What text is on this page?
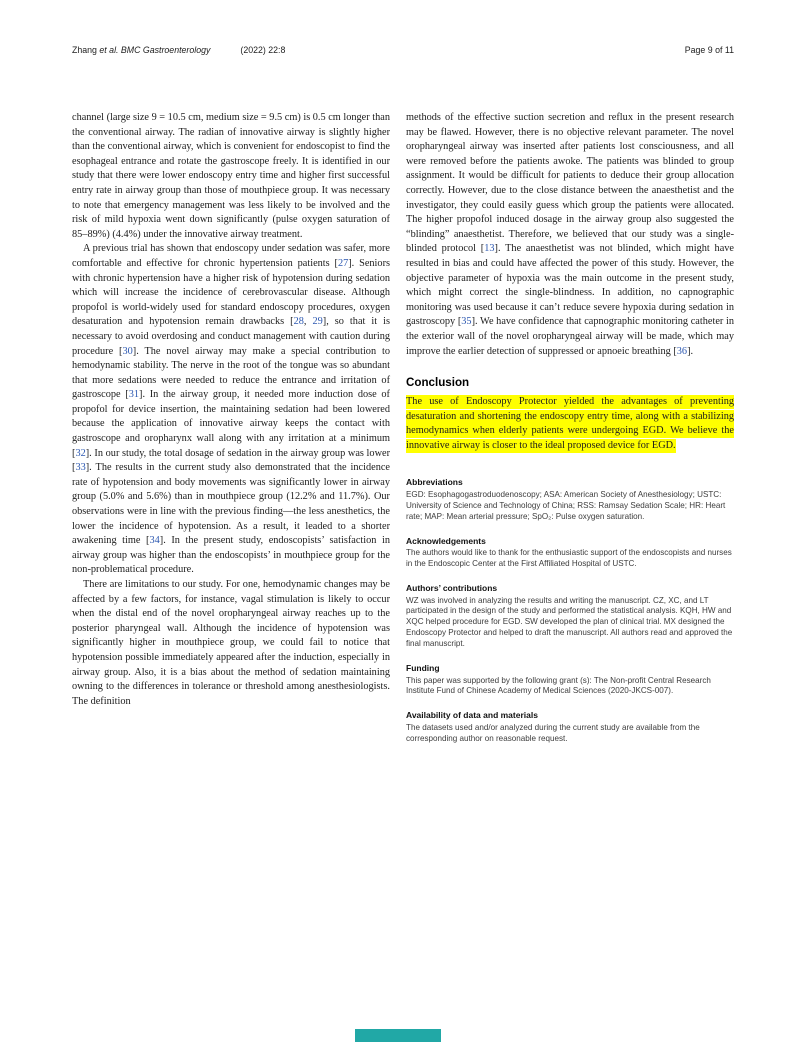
Zhang et al. BMC Gastroenterology	(2022) 22:8	Page 9 of 11

channel (large size 9 = 10.5 cm, medium size = 9.5 cm) is 0.5 cm longer than the conventional airway. The radian of innovative airway is slightly higher than the conventional airway, which is convenient for endoscopist to find the esophageal entrance and rotate the gastroscope freely. It is identified in our study that there were lower endoscopy entry time and higher first successful entry rate in airway group than those of mouthpiece group. It was necessary to note that emergency management was less likely to be involved and the risk of mild hypoxia went down significantly (pulse oxygen saturation of 85–89%) (4.4%) under the innovative airway treatment.

A previous trial has shown that endoscopy under sedation was safer, more comfortable and effective for chronic hypertension patients [27]. Seniors with chronic hypertension have a higher risk of hypotension during sedation which will increase the incidence of cerebrovascular disease. Although propofol is world-widely used for standard endoscopy procedures, oxygen desaturation and hypotension remain drawbacks [28, 29], so that it is necessary to avoid overdosing and conduct management with caution during procedure [30]. The novel airway may make a special contribution to hemodynamic stability. The nerve in the root of the tongue was so abundant that more sedations were needed to reduce the entrance and irritation of gastroscope [31]. In the airway group, it needed more induction dose of propofol for device insertion, the maintaining sedation had been lowered because the application of innovative airway keeps the contact with gastroscope and oropharynx wall along with any irritation at a minimum [32]. In our study, the total dosage of sedation in the airway group was lower [33]. The results in the current study also demonstrated that the incidence rate of hypotension and body movements was significantly lower in airway group (5.0% and 5.6%) than in mouthpiece group (12.2% and 11.7%). Our observations were in line with the previous finding—the less anesthetics, the lower the incidence of hypotension. As a result, it leaded to a shorter awakening time [34]. In the present study, endoscopists’ satisfaction in airway group was higher than the endoscopists’ in mouthpiece group for the non-problematical procedure.

There are limitations to our study. For one, hemodynamic changes may be affected by a few factors, for instance, vagal stimulation is likely to occur when the distal end of the novel oropharyngeal airway reaches up to the posterior pharyngeal wall. Although the incidence of hypotension was significantly higher in mouthpiece group, we could fail to notice that hypotension possible immediately appeared after the induction, especially in airway group. Also, it is a bias about the method of sedation maintaining owning to the differences in tolerance or threshold among anesthesiologists. The definition

methods of the effective suction secretion and reflux in the present research may be flawed. However, there is no objective relevant parameter. The novel oropharyngeal airway was inserted after patients lost consciousness, and all were removed before the patients awoke. The patients was blinded to group assignment. It would be difficult for patients to deduce their group allocation correctly. However, due to the close distance between the anaesthetist and the investigator, they could easily guess which group the patients were allocated. The higher propofol induced dosage in the airway group also suggested the “blinding” anaesthetist. Therefore, we believed that our study was a single-blinded protocol [13]. The anaesthetist was not blinded, which might have resulted in bias and could have affected the power of this study. However, the objective parameter of hypoxia was the main outcome in the present study, which might correct the single-blindness. In addition, no capnographic monitoring was used because it can’t reduce severe hypoxia during sedation in gastroscopy [35]. We have confidence that capnographic monitoring catheter in the exterior wall of the novel oropharyngeal airway will be made, which may improve the earlier detection of suppressed or apnoeic breathing [36].

Conclusion

The use of Endoscopy Protector yielded the advantages of preventing desaturation and shortening the endoscopy entry time, along with a stabilizing hemodynamics when elderly patients were undergoing EGD. We believe the innovative airway is closer to the ideal proposed device for EGD.

Abbreviations

EGD: Esophagogastroduodenoscopy; ASA: American Society of Anesthesiology; USTC: University of Science and Technology of China; RSS: Ramsay Sedation Scale; HR: Heart rate; MAP: Mean arterial pressure; SpO₂: Pulse oxygen saturation.

Acknowledgements

The authors would like to thank for the enthusiastic support of the endoscopists and nurses in the Endoscopic Center at the First Affiliated Hospital of USTC.

Authors’ contributions

WZ was involved in analyzing the results and writing the manuscript. CZ, XC, and LT participated in the design of the study and performed the statistical analysis. KQH, HW and XQC helped procedure for EGD. SW developed the plan of clinical trial. MX designed the Endoscopy Protector and helped to draft the manuscript. All authors read and approved the final manuscript.

Funding

This paper was supported by the following grant (s): The Non-profit Central Research Institute Fund of Chinese Academy of Medical Sciences (2020-JKCS-007).

Availability of data and materials

The datasets used and/or analyzed during the current study are available from the corresponding author on reasonable request.
